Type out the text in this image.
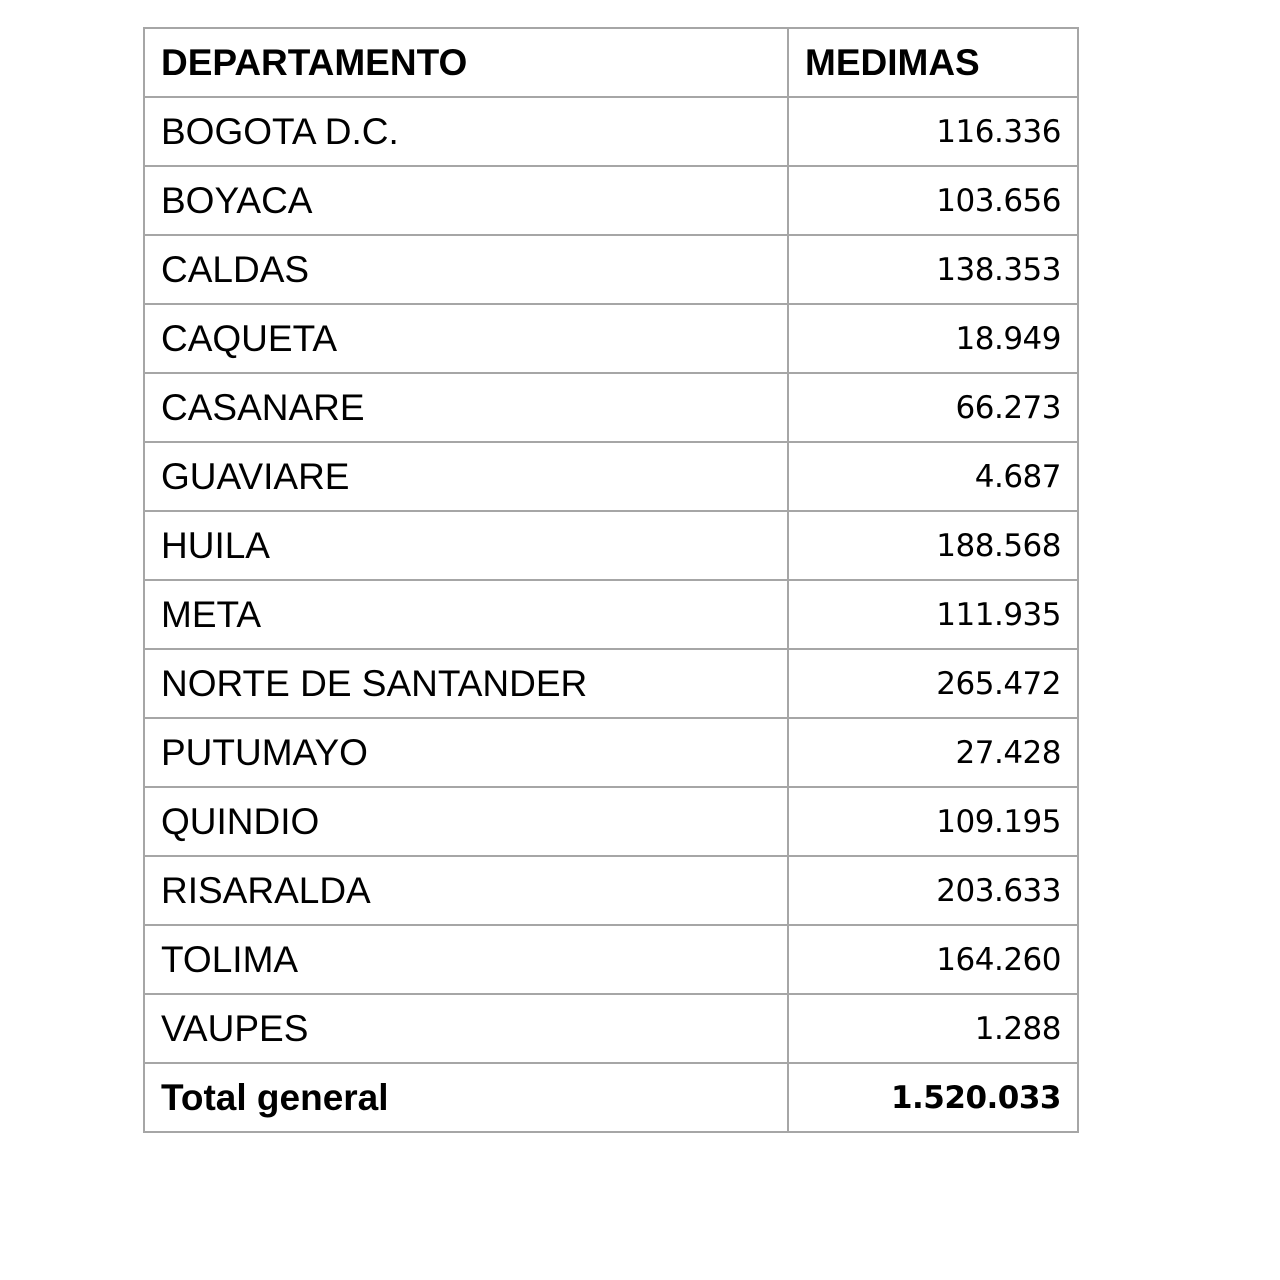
DEPARTAMENTO	MEDIMAS
BOGOTA D.C.	116.336
BOYACA	103.656
CALDAS	138.353
CAQUETA	18.949
CASANARE	66.273
GUAVIARE	4.687
HUILA	188.568
META	111.935
NORTE DE SANTANDER	265.472
PUTUMAYO	27.428
QUINDIO	109.195
RISARALDA	203.633
TOLIMA	164.260
VAUPES	1.288
Total general	1.520.033
